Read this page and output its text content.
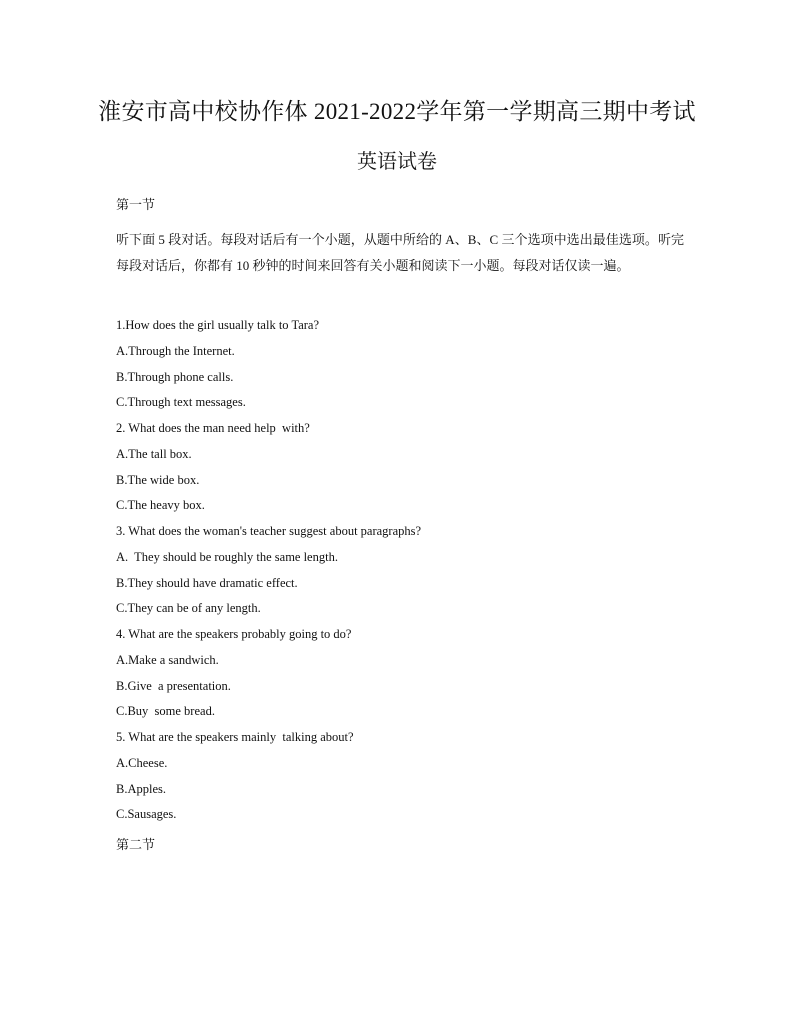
淮安市高中校协作体 2021-2022学年第一学期高三期中考试
英语试卷
第一节
听下面 5 段对话。每段对话后有一个小题，从题中所给的 A、B、C 三个选项中选出最佳选项。听完每段对话后，你都有 10 秒钟的时间来回答有关小题和阅读下一小题。每段对话仅读一遍。
1.How does the girl usually talk to Tara?
A.Through the Internet.
B.Through phone calls.
C.Through text messages.
2. What does the man need help  with?
A.The tall box.
B.The wide box.
C.The heavy box.
3. What does the woman's teacher suggest about paragraphs?
A.  They should be roughly the same length.
B.They should have dramatic effect.
C.They can be of any length.
4. What are the speakers probably going to do?
A.Make a sandwich.
B.Give  a presentation.
C.Buy  some bread.
5. What are the speakers mainly  talking about?
A.Cheese.
B.Apples.
C.Sausages.
第二节
